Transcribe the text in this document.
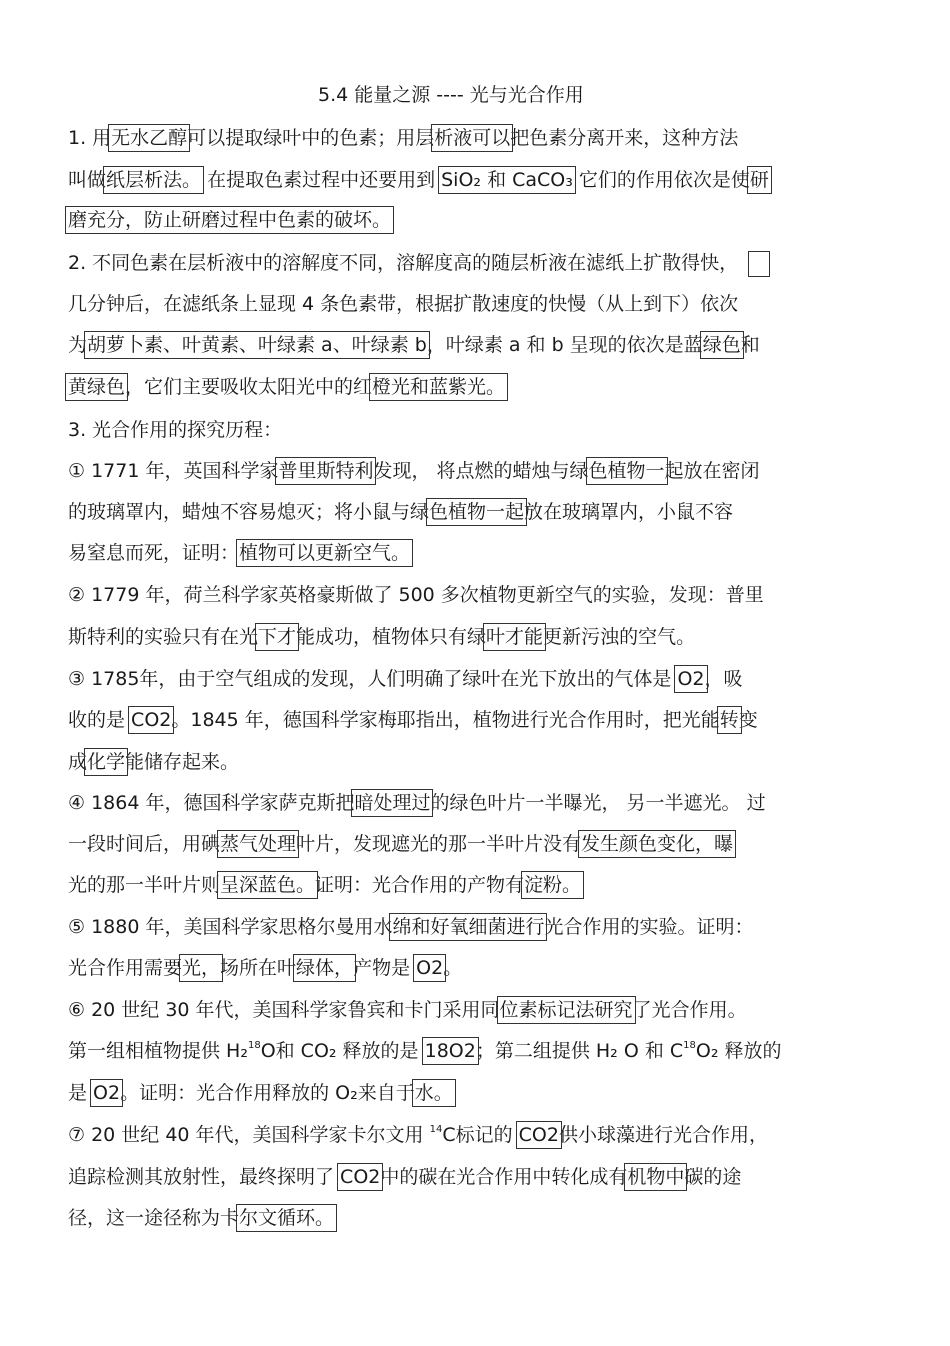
5.4 能量之源 ---- 光与光合作用
1. 用无水乙醇可以提取绿叶中的色素；用层析液可以把色素分离开来，这种方法
叫做纸层析法。 在提取色素过程中还要用到 SiO₂ 和 CaCO₃ 它们的作用依次是使研
磨充分，防止研磨过程中色素的破坏。
2. 不同色素在层析液中的溶解度不同，溶解度高的随层析液在滤纸上扩散得快，
几分钟后，在滤纸条上显现 4 条色素带，根据扩散速度的快慢（从上到下）依次
为胡萝卜素、叶黄素、叶绿素 a、叶绿素 b，叶绿素 a 和 b 呈现的依次是蓝绿色和
黄绿色，它们主要吸收太阳光中的红橙光和蓝紫光。
3. 光合作用的探究历程：
① 1771 年，英国科学家普里斯特利发现， 将点燃的蜡烛与绿色植物一起放在密闭
的玻璃罩内，蜡烛不容易熄灭；将小鼠与绿色植物一起放在玻璃罩内，小鼠不容
易窒息而死，证明：植物可以更新空气。
② 1779 年，荷兰科学家英格豪斯做了 500 多次植物更新空气的实验，发现：普里
斯特利的实验只有在光下才能成功，植物体只有绿叶才能更新污浊的空气。
③ 1785年，由于空气组成的发现，人们明确了绿叶在光下放出的气体是 O2，吸
收的是 CO2。1845 年，德国科学家梅耶指出，植物进行光合作用时，把光能转变
成化学能储存起来。
④ 1864 年，德国科学家萨克斯把暗处理过的绿色叶片一半曝光， 另一半遮光。 过
一段时间后，用碘蒸气处理叶片，发现遮光的那一半叶片没有发生颜色变化，曝
光的那一半叶片则呈深蓝色。证明：光合作用的产物有淀粉。
⑤ 1880 年，美国科学家思格尔曼用水绵和好氧细菌进行光合作用的实验。证明：
光合作用需要光，场所在叶绿体，产物是 O2。
⑥ 20 世纪 30 年代，美国科学家鲁宾和卡门采用同位素标记法研究了光合作用。
第一组相植物提供 H₂$^{18}$O和 CO₂ 释放的是 18O2；第二组提供 H₂ O 和 $C^{18}O_2$ 释放的
是 O2。证明：光合作用释放的 O₂来自于水。
⑦ 20 世纪 40 年代，美国科学家卡尔文用 $^{14}$C标记的 CO2供小球藻进行光合作用，
追踪检测其放射性，最终探明了 CO2中的碳在光合作用中转化成有机物中碳的途
径，这一途径称为卡尔文循环。
